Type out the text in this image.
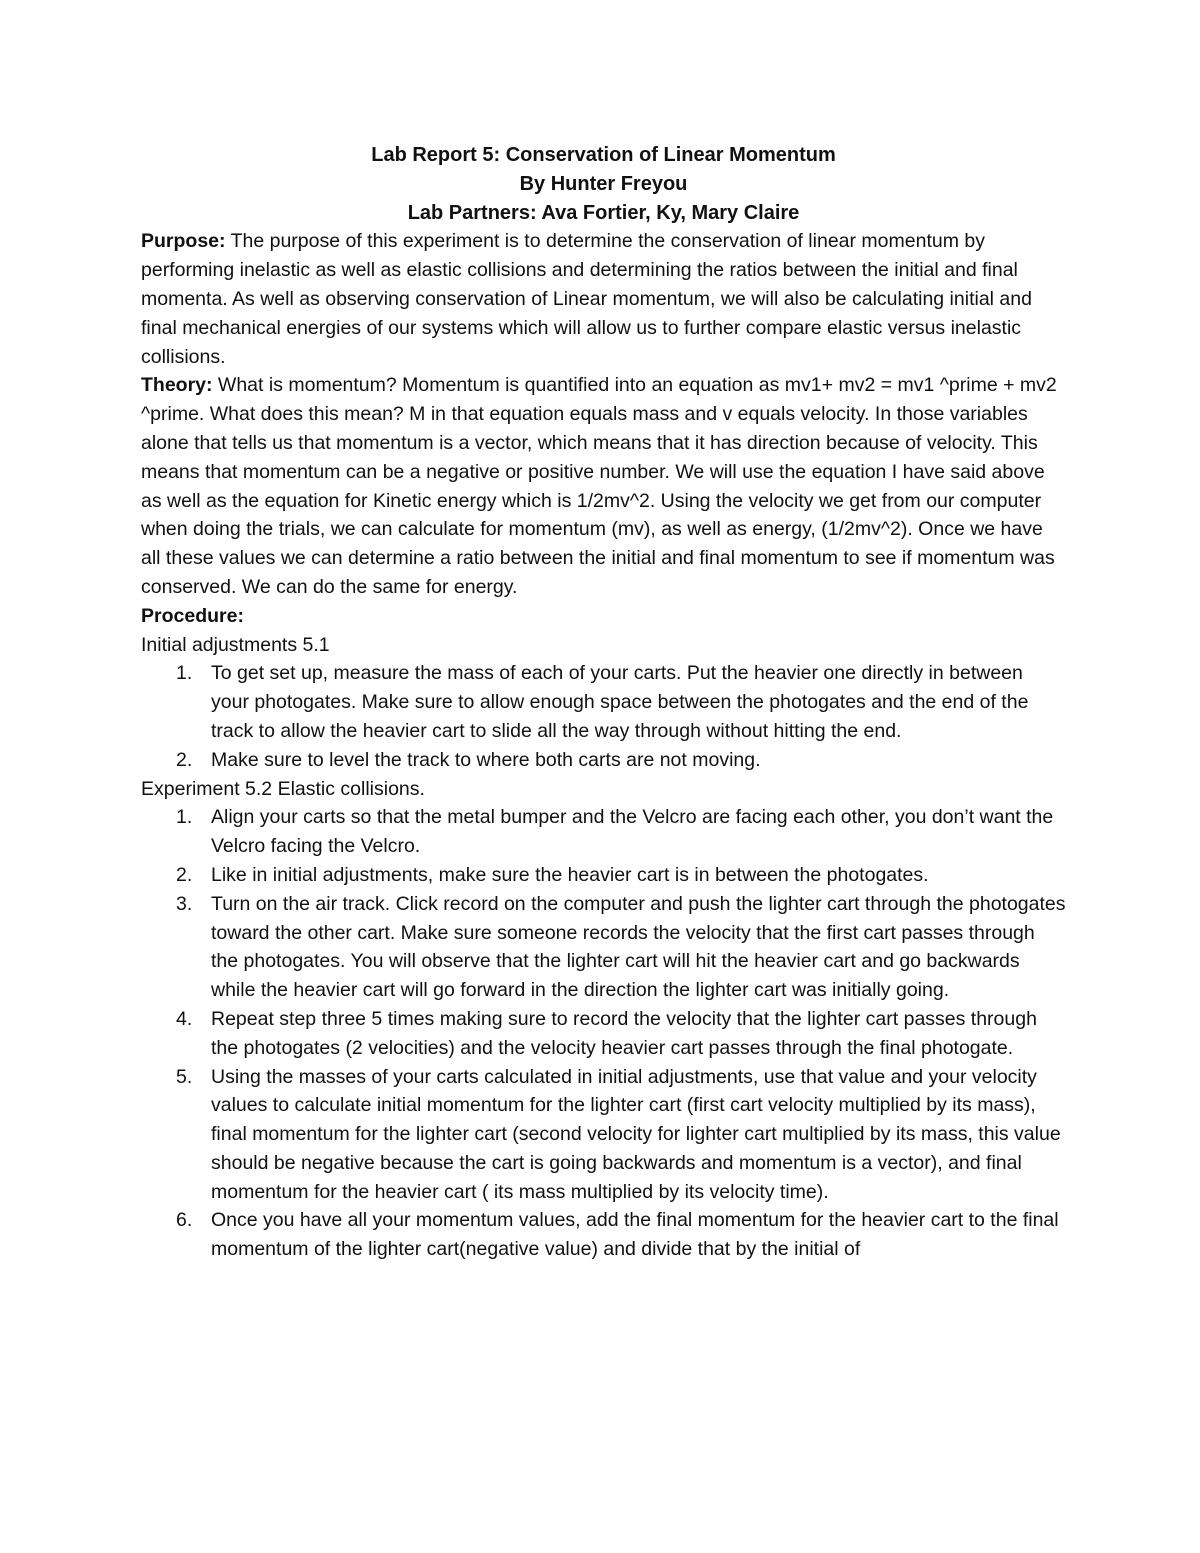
Lab Report 5: Conservation of Linear Momentum
By Hunter Freyou
Lab Partners: Ava Fortier, Ky, Mary Claire

Purpose: The purpose of this experiment is to determine the conservation of linear momentum by performing inelastic as well as elastic collisions and determining the ratios between the initial and final momenta. As well as observing conservation of Linear momentum, we will also be calculating initial and final mechanical energies of our systems which will allow us to further compare elastic versus inelastic collisions.

Theory: What is momentum? Momentum is quantified into an equation as mv1+ mv2 = mv1 ^prime + mv2 ^prime. What does this mean? M in that equation equals mass and v equals velocity. In those variables alone that tells us that momentum is a vector, which means that it has direction because of velocity. This means that momentum can be a negative or positive number. We will use the equation I have said above as well as the equation for Kinetic energy which is 1/2mv^2. Using the velocity we get from our computer when doing the trials, we can calculate for momentum (mv), as well as energy, (1/2mv^2). Once we have all these values we can determine a ratio between the initial and final momentum to see if momentum was conserved. We can do the same for energy.

Procedure:
Initial adjustments 5.1
1. To get set up, measure the mass of each of your carts. Put the heavier one directly in between your photogates. Make sure to allow enough space between the photogates and the end of the track to allow the heavier cart to slide all the way through without hitting the end.
2. Make sure to level the track to where both carts are not moving.
Experiment 5.2 Elastic collisions.
1. Align your carts so that the metal bumper and the Velcro are facing each other, you don’t want the Velcro facing the Velcro.
2. Like in initial adjustments, make sure the heavier cart is in between the photogates.
3. Turn on the air track. Click record on the computer and push the lighter cart through the photogates toward the other cart. Make sure someone records the velocity that the first cart passes through the photogates. You will observe that the lighter cart will hit the heavier cart and go backwards while the heavier cart will go forward in the direction the lighter cart was initially going.
4. Repeat step three 5 times making sure to record the velocity that the lighter cart passes through the photogates (2 velocities) and the velocity heavier cart passes through the final photogate.
5. Using the masses of your carts calculated in initial adjustments, use that value and your velocity values to calculate initial momentum for the lighter cart (first cart velocity multiplied by its mass), final momentum for the lighter cart (second velocity for lighter cart multiplied by its mass, this value should be negative because the cart is going backwards and momentum is a vector), and final momentum for the heavier cart ( its mass multiplied by its velocity time).
6. Once you have all your momentum values, add the final momentum for the heavier cart to the final momentum of the lighter cart(negative value) and divide that by the initial of
